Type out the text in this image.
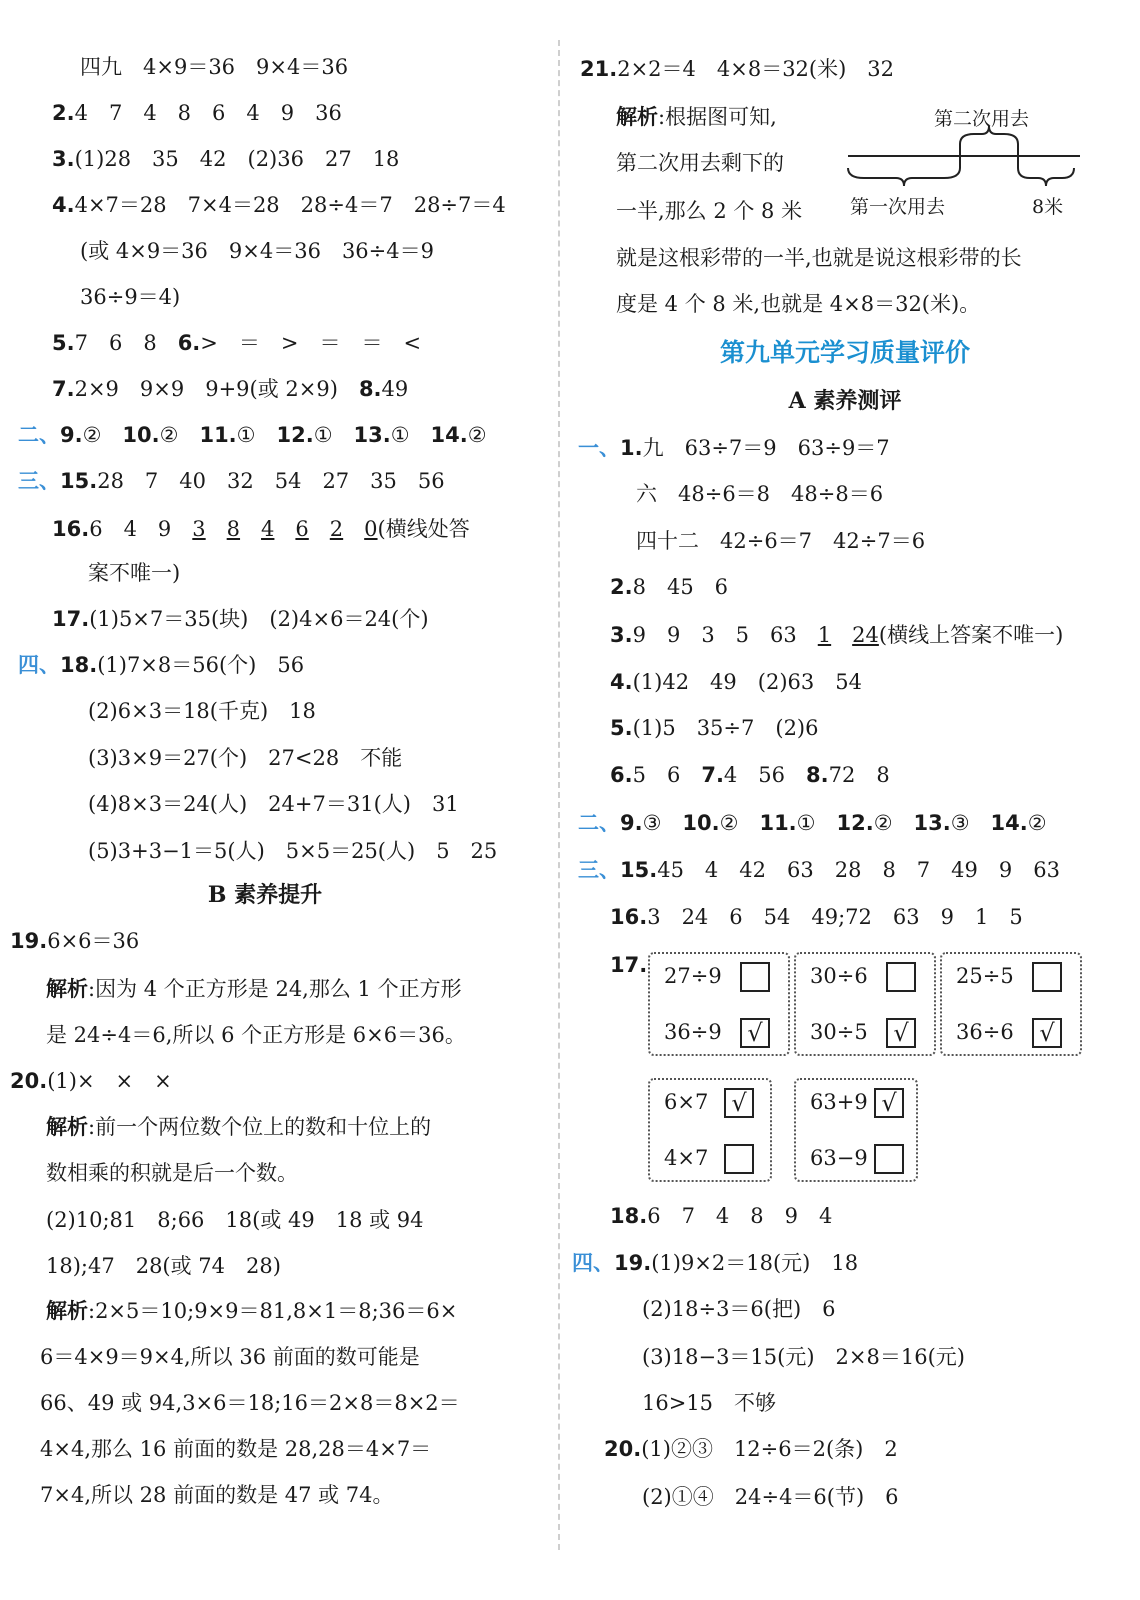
四九　4×9＝36　9×4＝36
2.4　7　4　8　6　4　9　36
3.(1)28　35　42　(2)36　27　18
4.4×7＝28　7×4＝28　28÷4＝7　28÷7＝4
(或 4×9＝36　9×4＝36　36÷4＝9
36÷9＝4)
5.7　6　8　 6.>　＝　>　＝　＝　<
7.2×9　9×9　9+9(或 2×9)　 8.49
二、9.②　 10.②　 11.①　 12.①　 13.①　 14.②
三、15.28　7　40　32　54　27　35　56
16.6　4　9　3　 8　 4　 6　 2　 0(横线处答
案不唯一)
17.(1)5×7＝35(块)　(2)4×6＝24(个)
四、18.(1)7×8＝56(个)　56
(2)6×3＝18(千克)　18
(3)3×9＝27(个)　27<28　不能
(4)8×3＝24(人)　24+7＝31(人)　31
(5)3+3−1＝5(人)　5×5＝25(人)　5　25
B 素养提升
19.6×6＝36
解析:因为 4 个正方形是 24,那么 1 个正方形
是 24÷4＝6,所以 6 个正方形是 6×6＝36。
20.(1)×　×　×
解析:前一个两位数个位上的数和十位上的
数相乘的积就是后一个数。
(2)10;81　8;66　18(或 49　18 或 94
18);47　28(或 74　28)
解析:2×5＝10;9×9＝81,8×1＝8;36＝6×
6＝4×9＝9×4,所以 36 前面的数可能是
66、49 或 94,3×6＝18;16＝2×8＝8×2＝
4×4,那么 16 前面的数是 28,28＝4×7＝
7×4,所以 28 前面的数是 47 或 74。
21.2×2＝4　4×8＝32(米)　32
解析:根据图可知,
第二次用去剩下的
一半,那么 2 个 8 米
第二次用去
第一次用去	8米
就是这根彩带的一半,也就是说这根彩带的长
度是 4 个 8 米,也就是 4×8＝32(米)。
第九单元学习质量评价
A 素养测评
一、1.九　63÷7＝9　63÷9＝7
六　48÷6＝8　48÷8＝6
四十二　42÷6＝7　42÷7＝6
2.8　45　6
3.9　9　3　5　63　1　 24(横线上答案不唯一)
4.(1)42　49　(2)63　54
5.(1)5　35÷7　(2)6
6.5　6　 7.4　56　 8.72　8
二、9.③　 10.②　 11.①　 12.②　 13.③　 14.②
三、15.45　4　42　63　28　8　7　49　9　63
16.3　24　6　54　49;72　63　9　1　5
17. 27÷9
36÷9	√
30÷6
30÷5	√
25÷5
36÷6	√
6×7 √
4×7
63+9 √
63−9
18.6　7　4　8　9　4
四、19.(1)9×2＝18(元)　18
(2)18÷3＝6(把)　6
(3)18−3＝15(元)　2×8＝16(元)
16>15　不够
20.(1)②③　12÷6＝2(条)　2
(2)①④　24÷4＝6(节)　6
